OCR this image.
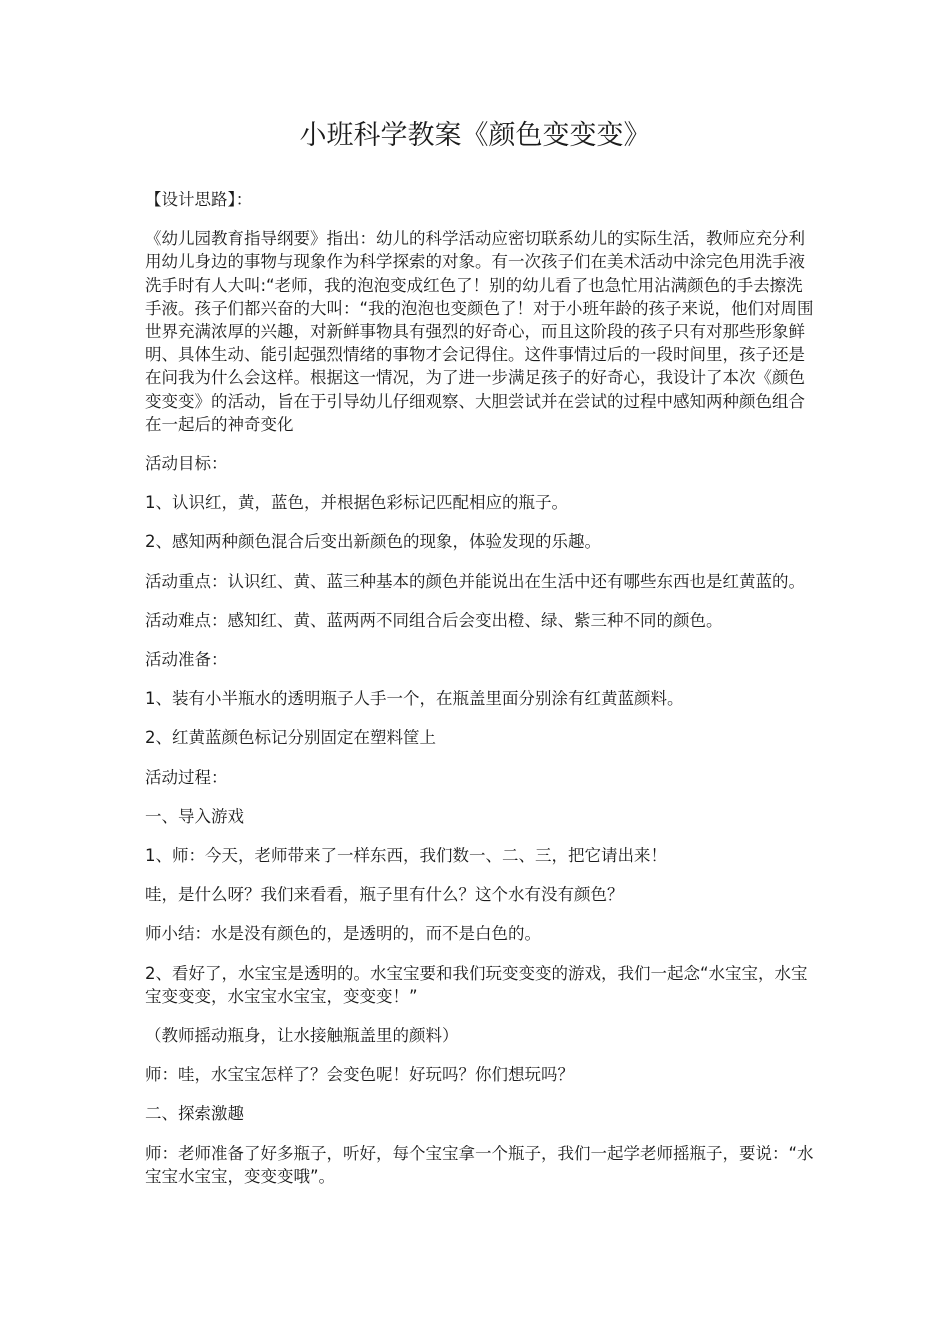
小班科学教案《颜色变变变》

【设计思路】：

《幼儿园教育指导纲要》指出：幼儿的科学活动应密切联系幼儿的实际生活，教师应充分利用幼儿身边的事物与现象作为科学探索的对象。有一次孩子们在美术活动中涂完色用洗手液洗手时有人大叫:“老师，我的泡泡变成红色了！别的幼儿看了也急忙用沾满颜色的手去擦洗手液。孩子们都兴奋的大叫：“我的泡泡也变颜色了！对于小班年龄的孩子来说，他们对周围世界充满浓厚的兴趣，对新鲜事物具有强烈的好奇心，而且这阶段的孩子只有对那些形象鲜明、具体生动、能引起强烈情绪的事物才会记得住。这件事情过后的一段时间里，孩子还是在问我为什么会这样。根据这一情况，为了进一步满足孩子的好奇心，我设计了本次《颜色变变变》的活动，旨在于引导幼儿仔细观察、大胆尝试并在尝试的过程中感知两种颜色组合在一起后的神奇变化

活动目标：

1、认识红，黄，蓝色，并根据色彩标记匹配相应的瓶子。

2、感知两种颜色混合后变出新颜色的现象，体验发现的乐趣。

活动重点：认识红、黄、蓝三种基本的颜色并能说出在生活中还有哪些东西也是红黄蓝的。

活动难点：感知红、黄、蓝两两不同组合后会变出橙、绿、紫三种不同的颜色。

活动准备：

1、装有小半瓶水的透明瓶子人手一个，在瓶盖里面分别涂有红黄蓝颜料。

2、红黄蓝颜色标记分别固定在塑料筐上

活动过程：

一、导入游戏

1、师：今天，老师带来了一样东西，我们数一、二、三，把它请出来！

哇，是什么呀？我们来看看，瓶子里有什么？这个水有没有颜色？

师小结：水是没有颜色的，是透明的，而不是白色的。

2、看好了，水宝宝是透明的。水宝宝要和我们玩变变变的游戏，我们一起念“水宝宝，水宝宝变变变，水宝宝水宝宝，变变变！”

（教师摇动瓶身，让水接触瓶盖里的颜料）

师：哇，水宝宝怎样了？会变色呢！好玩吗？你们想玩吗？

二、探索激趣

师：老师准备了好多瓶子，听好，每个宝宝拿一个瓶子，我们一起学老师摇瓶子，要说：“水宝宝水宝宝，变变变哦”。
